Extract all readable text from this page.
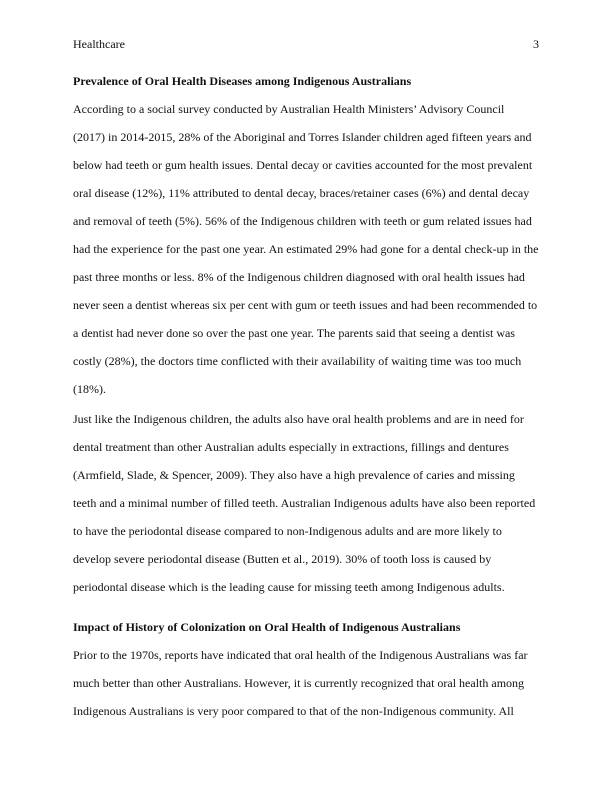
Healthcare	3

Prevalence of Oral Health Diseases among Indigenous Australians

According to a social survey conducted by Australian Health Ministers’ Advisory Council (2017) in 2014-2015, 28% of the Aboriginal and Torres Islander children aged fifteen years and below had teeth or gum health issues. Dental decay or cavities accounted for the most prevalent oral disease (12%), 11% attributed to dental decay, braces/retainer cases (6%) and dental decay and removal of teeth (5%). 56% of the Indigenous children with teeth or gum related issues had had the experience for the past one year. An estimated 29% had gone for a dental check-up in the past three months or less. 8% of the Indigenous children diagnosed with oral health issues had never seen a dentist whereas six per cent with gum or teeth issues and had been recommended to a dentist had never done so over the past one year. The parents said that seeing a dentist was costly (28%), the doctors time conflicted with their availability of waiting time was too much (18%).

Just like the Indigenous children, the adults also have oral health problems and are in need for dental treatment than other Australian adults especially in extractions, fillings and dentures (Armfield, Slade, & Spencer, 2009). They also have a high prevalence of caries and missing teeth and a minimal number of filled teeth. Australian Indigenous adults have also been reported to have the periodontal disease compared to non-Indigenous adults and are more likely to develop severe periodontal disease (Butten et al., 2019). 30% of tooth loss is caused by periodontal disease which is the leading cause for missing teeth among Indigenous adults.

Impact of History of Colonization on Oral Health of Indigenous Australians

Prior to the 1970s, reports have indicated that oral health of the Indigenous Australians was far much better than other Australians. However, it is currently recognized that oral health among Indigenous Australians is very poor compared to that of the non-Indigenous community. All
